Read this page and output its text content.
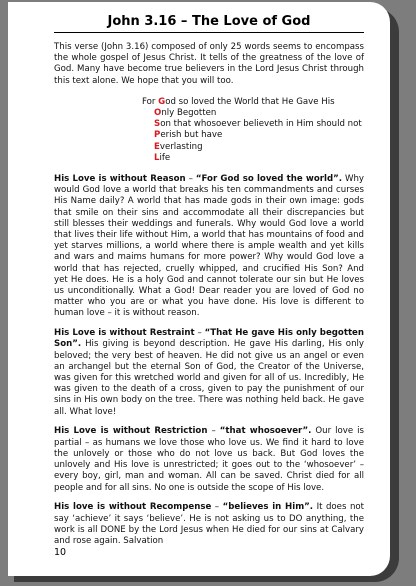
John 3.16 – The Love of God

This verse (John 3.16) composed of only 25 words seems to encompass the whole gospel of Jesus Christ. It tells of the greatness of the love of God. Many have become true believers in the Lord Jesus Christ through this text alone. We hope that you will too.

For God so loved the World that He Gave His
Only Begotten
Son that whosoever believeth in Him should not
Perish but have
Everlasting
Life

His Love is without Reason – “For God so loved the world”. Why would God love a world that breaks his ten commandments and curses His Name daily? A world that has made gods in their own image: gods that smile on their sins and accommodate all their discrepancies but still blesses their weddings and funerals. Why would God love a world that lives their life without Him, a world that has mountains of food and yet starves millions, a world where there is ample wealth and yet kills and wars and maims humans for more power? Why would God love a world that has rejected, cruelly whipped, and crucified His Son? And yet He does. He is a holy God and cannot tolerate our sin but He loves us unconditionally. What a God! Dear reader you are loved of God no matter who you are or what you have done. His love is different to human love – it is without reason.

His Love is without Restraint – “That He gave His only begotten Son”. His giving is beyond description. He gave His darling, His only beloved; the very best of heaven. He did not give us an angel or even an archangel but the eternal Son of God, the Creator of the Universe, was given for this wretched world and given for all of us. Incredibly, He was given to the death of a cross, given to pay the punishment of our sins in His own body on the tree. There was nothing held back. He gave all. What love!

His Love is without Restriction – “that whosoever”. Our love is partial – as humans we love those who love us. We find it hard to love the unlovely or those who do not love us back. But God loves the unlovely and His love is unrestricted; it goes out to the ‘whosoever’ – every boy, girl, man and woman. All can be saved. Christ died for all people and for all sins. No one is outside the scope of His love.

His love is without Recompense – “believes in Him”. It does not say ‘achieve’ it says ‘believe’. He is not asking us to DO anything, the work is all DONE by the Lord Jesus when He died for our sins at Calvary and rose again. Salvation

10
